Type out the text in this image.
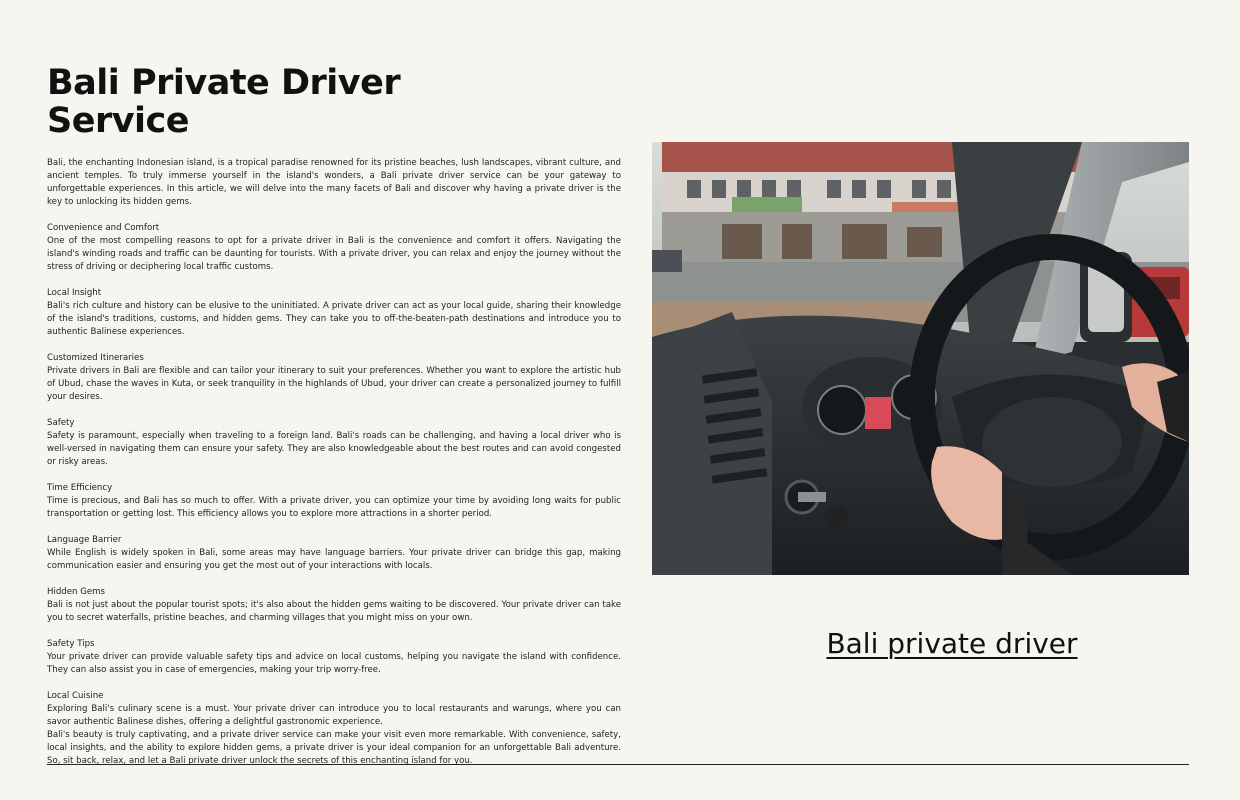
Bali Private Driver Service

Bali, the enchanting Indonesian island, is a tropical paradise renowned for its pristine beaches, lush landscapes, vibrant culture, and ancient temples. To truly immerse yourself in the island's wonders, a Bali private driver service can be your gateway to unforgettable experiences. In this article, we will delve into the many facets of Bali and discover why having a private driver is the key to unlocking its hidden gems.

Convenience and Comfort

One of the most compelling reasons to opt for a private driver in Bali is the convenience and comfort it offers. Navigating the island's winding roads and traffic can be daunting for tourists. With a private driver, you can relax and enjoy the journey without the stress of driving or deciphering local traffic customs.

Local Insight

Bali's rich culture and history can be elusive to the uninitiated. A private driver can act as your local guide, sharing their knowledge of the island's traditions, customs, and hidden gems. They can take you to off-the-beaten-path destinations and introduce you to authentic Balinese experiences.

Customized Itineraries

Private drivers in Bali are flexible and can tailor your itinerary to suit your preferences. Whether you want to explore the artistic hub of Ubud, chase the waves in Kuta, or seek tranquility in the highlands of Ubud, your driver can create a personalized journey to fulfill your desires.

Safety

Safety is paramount, especially when traveling to a foreign land. Bali's roads can be challenging, and having a local driver who is well-versed in navigating them can ensure your safety. They are also knowledgeable about the best routes and can avoid congested or risky areas.

Time Efficiency

Time is precious, and Bali has so much to offer. With a private driver, you can optimize your time by avoiding long waits for public transportation or getting lost. This efficiency allows you to explore more attractions in a shorter period.

Language Barrier

While English is widely spoken in Bali, some areas may have language barriers. Your private driver can bridge this gap, making communication easier and ensuring you get the most out of your interactions with locals.

Hidden Gems

Bali is not just about the popular tourist spots; it's also about the hidden gems waiting to be discovered. Your private driver can take you to secret waterfalls, pristine beaches, and charming villages that you might miss on your own.

Safety Tips

Your private driver can provide valuable safety tips and advice on local customs, helping you navigate the island with confidence. They can also assist you in case of emergencies, making your trip worry-free.

Local Cuisine

Exploring Bali's culinary scene is a must. Your private driver can introduce you to local restaurants and warungs, where you can savor authentic Balinese dishes, offering a delightful gastronomic experience.

Bali's beauty is truly captivating, and a private driver service can make your visit even more remarkable. With convenience, safety, local insights, and the ability to explore hidden gems, a private driver is your ideal companion for an unforgettable Bali adventure. So, sit back, relax, and let a Bali private driver unlock the secrets of this enchanting island for you.

Bali private driver
